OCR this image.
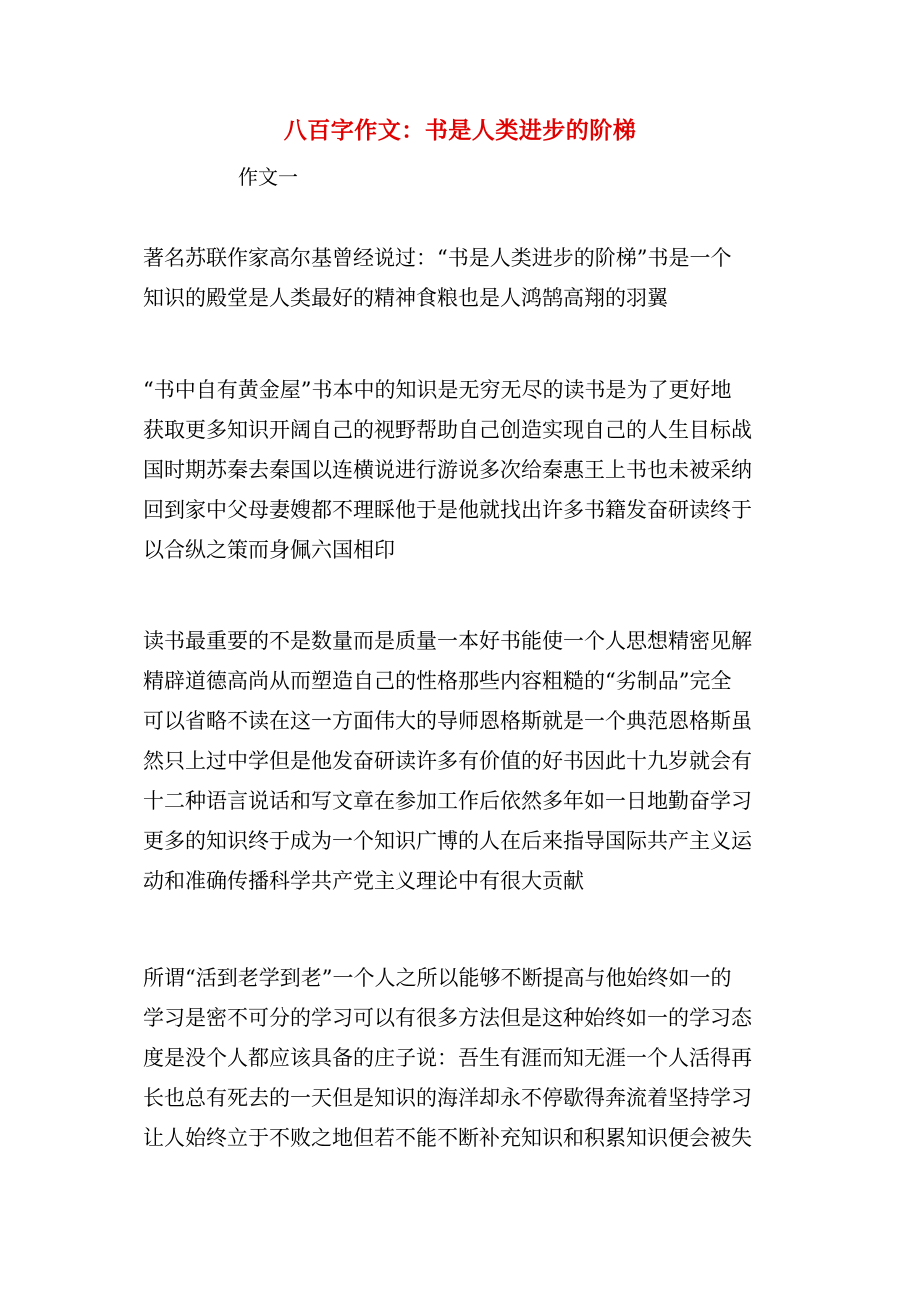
八百字作文：书是人类进步的阶梯

作文一

著名苏联作家高尔基曾经说过：“书是人类进步的阶梯”书是一个
知识的殿堂是人类最好的精神食粮也是人鸿鹄高翔的羽翼

“书中自有黄金屋”书本中的知识是无穷无尽的读书是为了更好地
获取更多知识开阔自己的视野帮助自己创造实现自己的人生目标战
国时期苏秦去秦国以连横说进行游说多次给秦惠王上书也未被采纳
回到家中父母妻嫂都不理睬他于是他就找出许多书籍发奋研读终于
以合纵之策而身佩六国相印

读书最重要的不是数量而是质量一本好书能使一个人思想精密见解
精辟道德高尚从而塑造自己的性格那些内容粗糙的“劣制品”完全
可以省略不读在这一方面伟大的导师恩格斯就是一个典范恩格斯虽
然只上过中学但是他发奋研读许多有价值的好书因此十九岁就会有
十二种语言说话和写文章在参加工作后依然多年如一日地勤奋学习
更多的知识终于成为一个知识广博的人在后来指导国际共产主义运
动和准确传播科学共产党主义理论中有很大贡献

所谓“活到老学到老”一个人之所以能够不断提高与他始终如一的
学习是密不可分的学习可以有很多方法但是这种始终如一的学习态
度是没个人都应该具备的庄子说：吾生有涯而知无涯一个人活得再
长也总有死去的一天但是知识的海洋却永不停歇得奔流着坚持学习
让人始终立于不败之地但若不能不断补充知识和积累知识便会被失
